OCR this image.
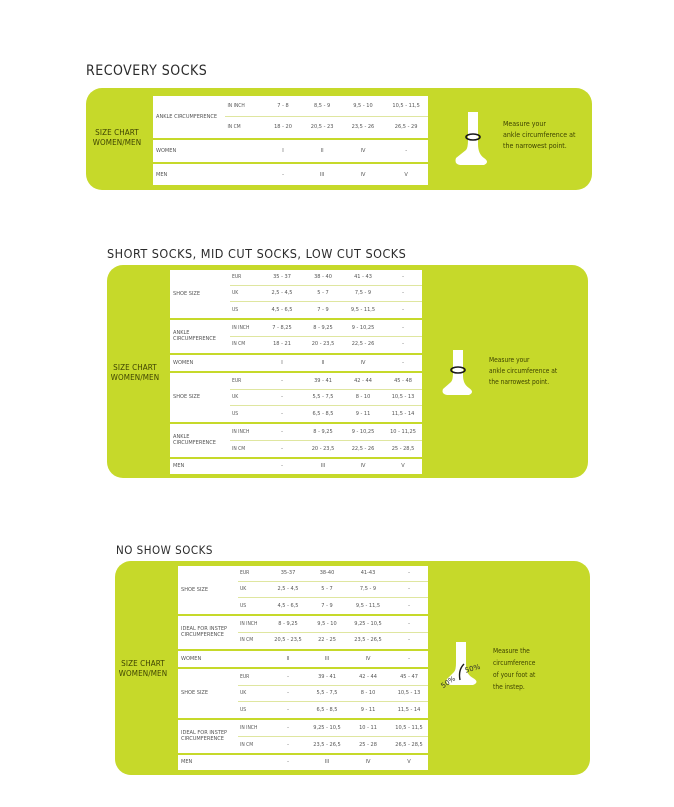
RECOVERY SOCKS
SIZE CHART
WOMEN/MEN
ANKLE CIRCUMFERENCE	IN INCH	7 - 8	8,5 - 9	9,5 - 10	10,5 - 11,5
	IN CM	18 - 20	20,5 - 23	23,5 - 26	26,5 - 29
WOMEN		I	II	IV	-
MEN		-	III	IV	V
Measure your
ankle circumference at
the narrowest point.
SHORT SOCKS, MID CUT SOCKS, LOW CUT SOCKS
SIZE CHART
WOMEN/MEN
SHOE SIZE	EUR	35 - 37	38 - 40	41 - 43	-
	UK	2,5 - 4,5	5 - 7	7,5 - 9	-
	US	4,5 - 6,5	7 - 9	9,5 - 11,5	-
ANKLE CIRCUMFERENCE	IN INCH	7 - 8,25	8 - 9,25	9 - 10,25	-
	IN CM	18 - 21	20 - 23,5	22,5 - 26	-
WOMEN		I	II	IV	-
SHOE SIZE	EUR	-	39 - 41	42 - 44	45 - 48
	UK	-	5,5 - 7,5	8 - 10	10,5 - 13
	US	-	6,5 - 8,5	9 - 11	11,5 - 14
ANKLE CIRCUMFERENCE	IN INCH	-	8 - 9,25	9 - 10,25	10 - 11,25
	IN CM	-	20 - 23,5	22,5 - 26	25 - 28,5
MEN		-	III	IV	V
Measure your
ankle circumference at
the narrowest point.
NO SHOW SOCKS
SIZE CHART
WOMEN/MEN
SHOE SIZE	EUR	35-37	38-40	41-43	-
	UK	2,5 - 4,5	5 - 7	7,5 - 9	-
	US	4,5 - 6,5	7 - 9	9,5 - 11,5	-
IDEAL FOR INSTEP CIRCUMFERENCE	IN INCH	8 - 9,25	9,5 - 10	9,25 - 10,5	-
	IN CM	20,5 - 23,5	22 - 25	23,5 - 26,5	-
WOMEN		II	III	IV	-
SHOE SIZE	EUR	-	39 - 41	42 - 44	45 - 47
	UK	-	5,5 - 7,5	8 - 10	10,5 - 13
	US	-	6,5 - 8,5	9 - 11	11,5 - 14
IDEAL FOR INSTEP CIRCUMFERENCE	IN INCH	-	9,25 - 10,5	10 - 11	10,5 - 11,5
	IN CM	-	23,5 - 26,5	25 - 28	26,5 - 28,5
MEN		-	III	IV	V
50%
50%
Measure the
circumference
of your foot at
the instep.
